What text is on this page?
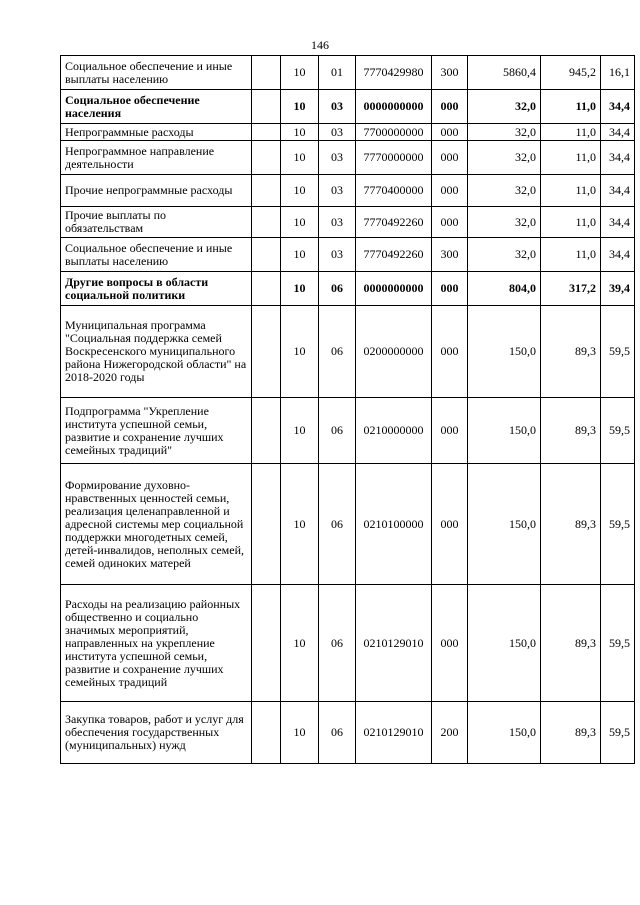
146
Социальное обеспечение и иные выплаты населению		10	01	7770429980	300	5860,4	945,2	16,1
Социальное обеспечение населения		10	03	0000000000	000	32,0	11,0	34,4
Непрограммные расходы		10	03	7700000000	000	32,0	11,0	34,4
Непрограммное направление деятельности		10	03	7770000000	000	32,0	11,0	34,4
Прочие непрограммные расходы		10	03	7770400000	000	32,0	11,0	34,4
Прочие выплаты по обязательствам		10	03	7770492260	000	32,0	11,0	34,4
Социальное обеспечение и иные выплаты населению		10	03	7770492260	300	32,0	11,0	34,4
Другие вопросы в области социальной политики		10	06	0000000000	000	804,0	317,2	39,4
Муниципальная программа "Социальная поддержка семей Воскресенского муниципального района Нижегородской области" на 2018-2020 годы		10	06	0200000000	000	150,0	89,3	59,5
Подпрограмма "Укрепление института успешной семьи, развитие и сохранение лучших семейных традиций"		10	06	0210000000	000	150,0	89,3	59,5
Формирование духовно-нравственных ценностей семьи, реализация целенаправленной и адресной системы мер социальной поддержки многодетных семей, детей-инвалидов, неполных семей, семей одиноких матерей		10	06	0210100000	000	150,0	89,3	59,5
Расходы на реализацию районных общественно и социально значимых мероприятий, направленных на укрепление института успешной семьи, развитие и сохранение лучших семейных традиций		10	06	0210129010	000	150,0	89,3	59,5
Закупка товаров, работ и услуг для обеспечения государственных (муниципальных) нужд		10	06	0210129010	200	150,0	89,3	59,5
